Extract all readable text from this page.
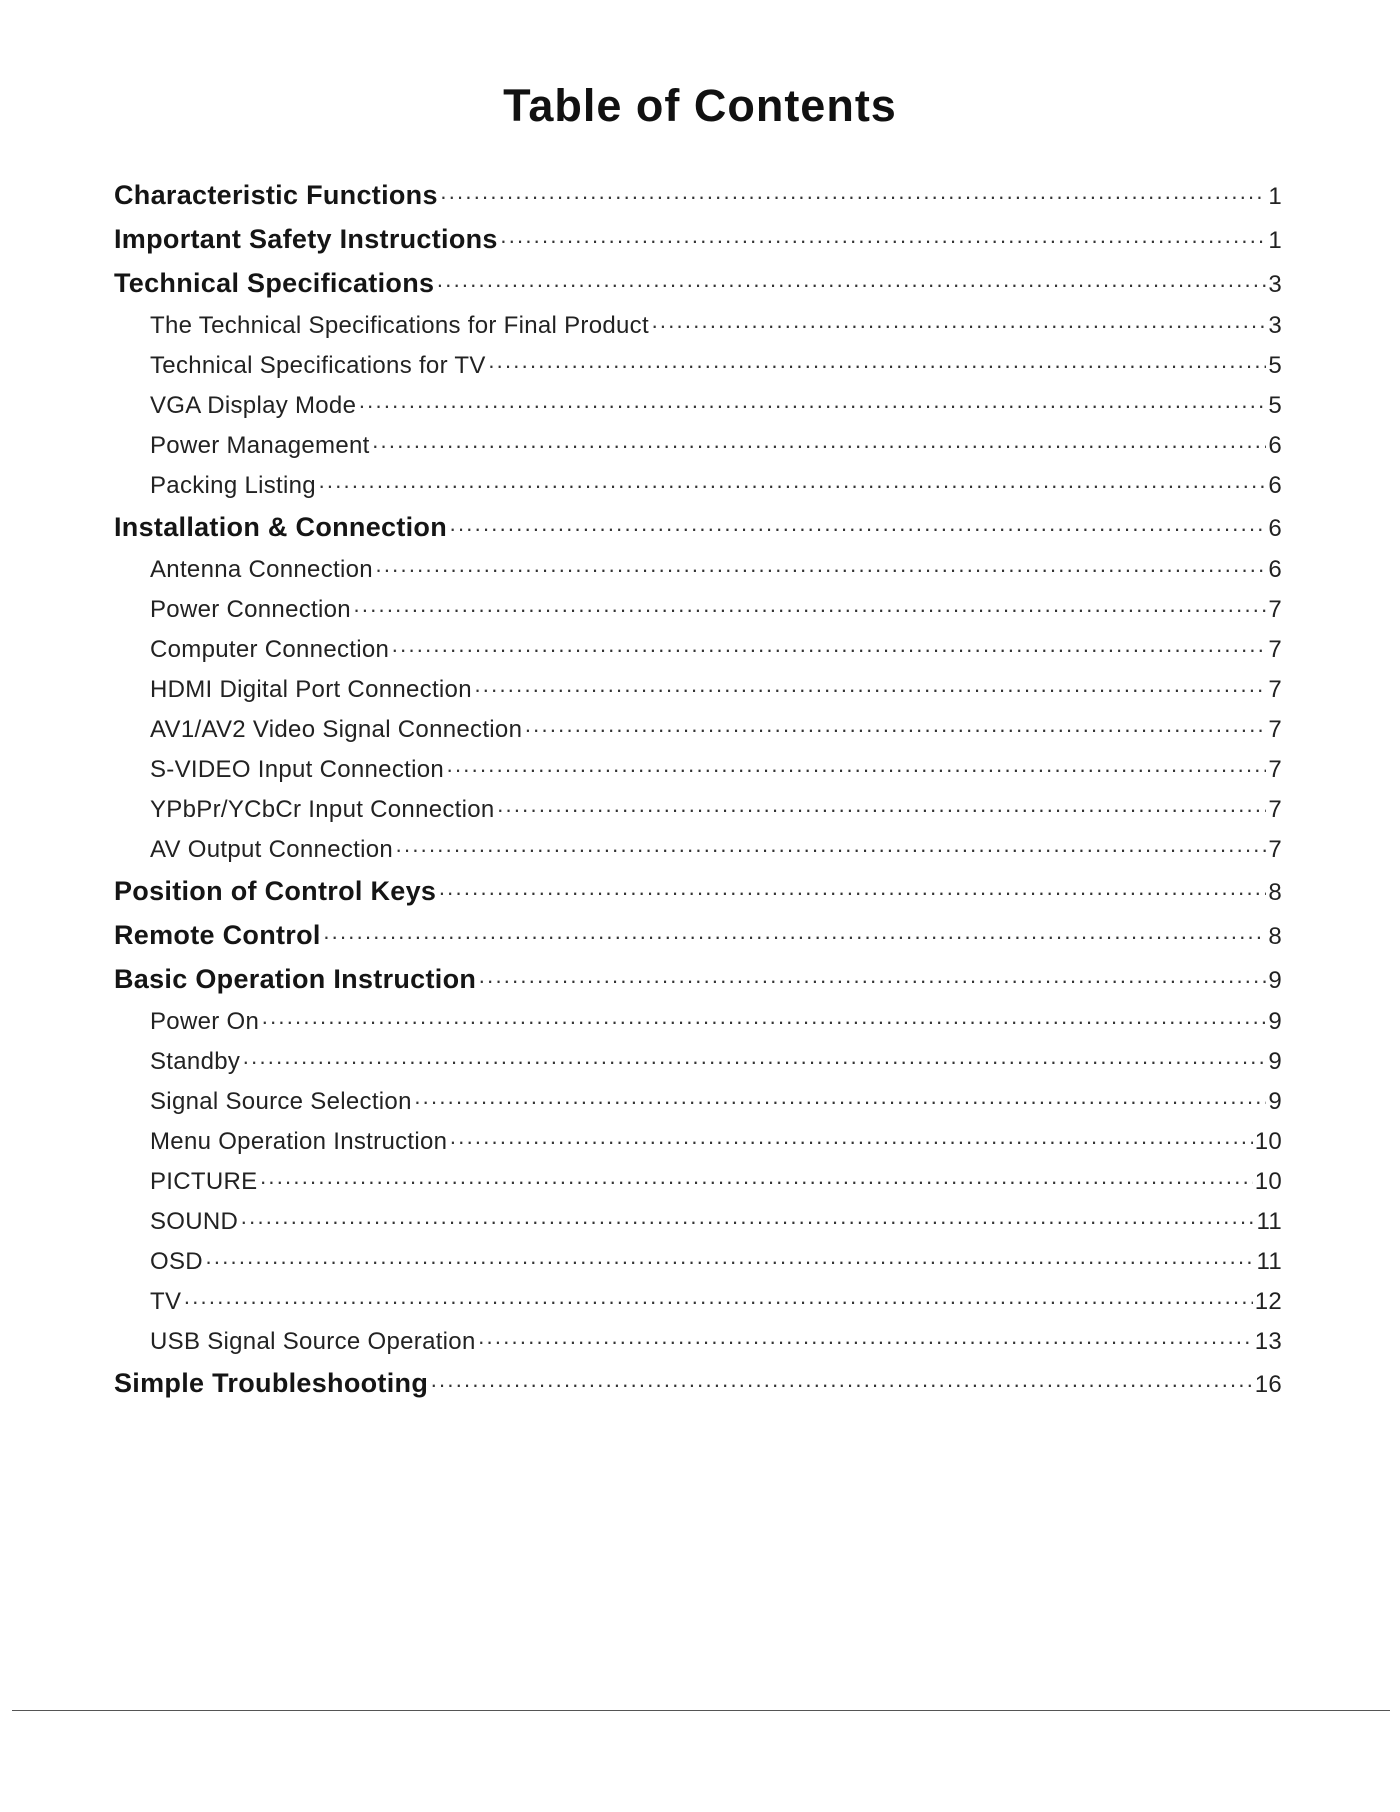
Table of Contents
Characteristic Functions ·····	1
Important Safety Instructions ·····	1
Technical Specifications ·····	3
The Technical Specifications for Final Product ·····	3
Technical Specifications for TV ·····	5
VGA Display Mode ·····	5
Power Management ·····	6
Packing Listing ·····	6
Installation & Connection ·····	6
Antenna Connection ·····	6
Power Connection ·····	7
Computer Connection ·····	7
HDMI Digital Port Connection ·····	7
AV1/AV2 Video Signal Connection ·····	7
S-VIDEO Input Connection ·····	7
YPbPr/YCbCr Input Connection ·····	7
AV Output Connection ·····	7
Position of Control Keys ·····	8
Remote Control ·····	8
Basic Operation Instruction ·····	9
Power On ·····	9
Standby ·····	9
Signal Source Selection ·····	9
Menu Operation Instruction ·····	10
PICTURE ·····	10
SOUND ·····	11
OSD ·····	11
TV ·····	12
USB Signal Source Operation ·····	13
Simple Troubleshooting ·····	16
